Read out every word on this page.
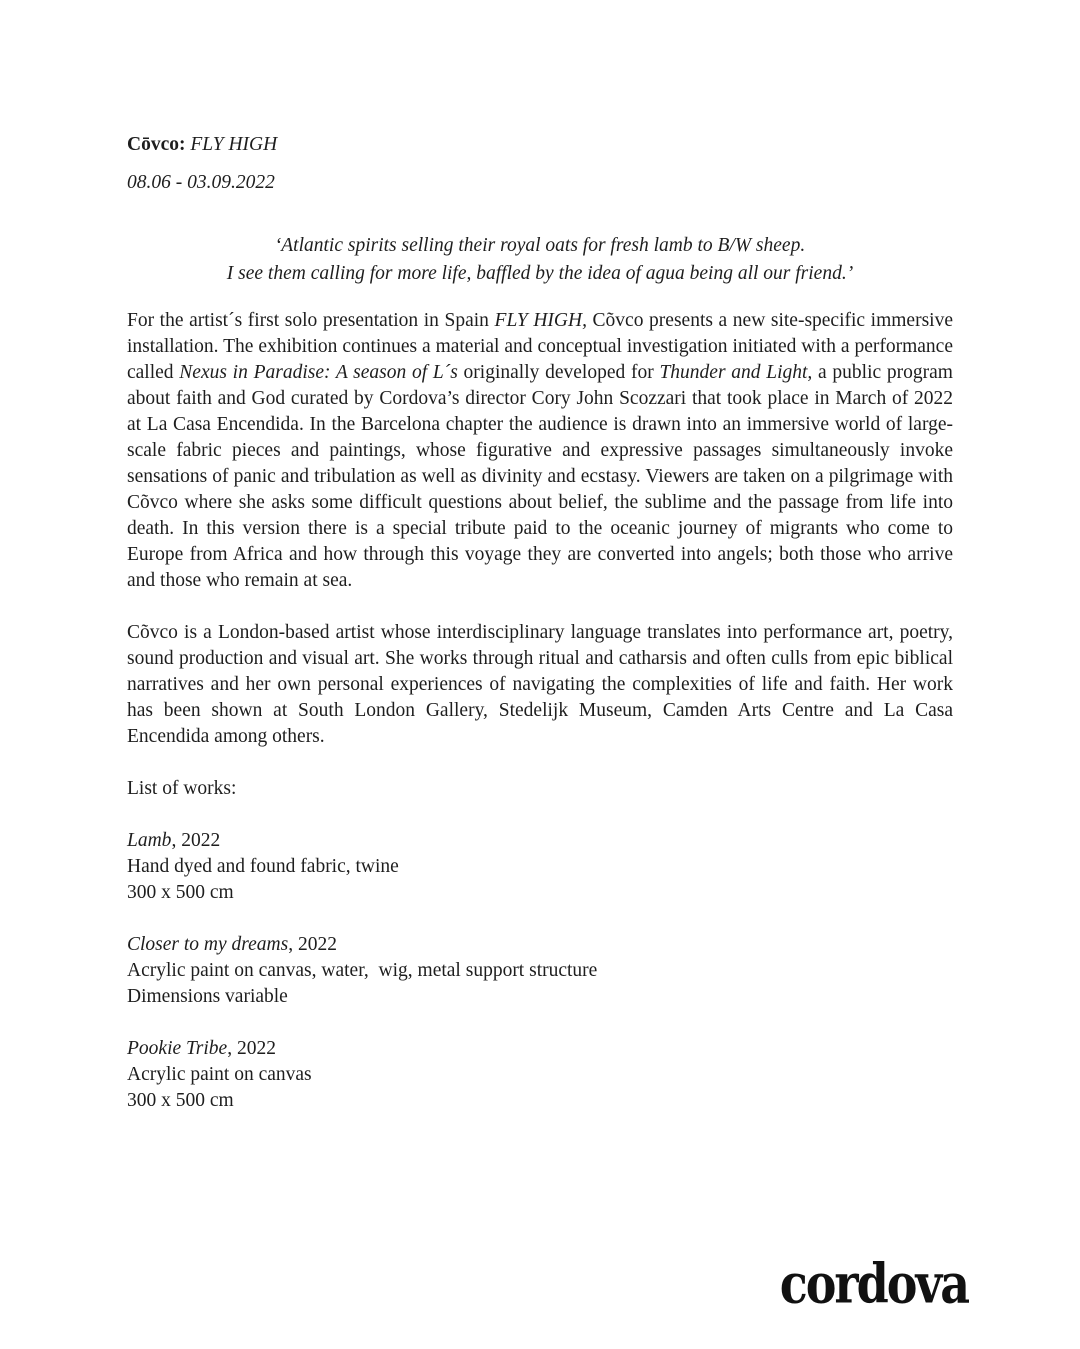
Cōvco: FLY HIGH
08.06 - 03.09.2022
‘Atlantic spirits selling their royal oats for fresh lamb to B/W sheep.
I see them calling for more life, baffled by the idea of agua being all our friend.’
For the artist´s first solo presentation in Spain FLY HIGH, Cõvco presents a new site-specific immersive installation. The exhibition continues a material and conceptual investigation initiated with a performance called Nexus in Paradise: A season of L´s originally developed for Thunder and Light, a public program about faith and God curated by Cordova’s director Cory John Scozzari that took place in March of 2022 at La Casa Encendida. In the Barcelona chapter the audience is drawn into an immersive world of large-scale fabric pieces and paintings, whose figurative and expressive passages simultaneously invoke sensations of panic and tribulation as well as divinity and ecstasy. Viewers are taken on a pilgrimage with Cõvco where she asks some difficult questions about belief, the sublime and the passage from life into death. In this version there is a special tribute paid to the oceanic journey of migrants who come to Europe from Africa and how through this voyage they are converted into angels; both those who arrive and those who remain at sea.
Cõvco is a London-based artist whose interdisciplinary language translates into performance art, poetry, sound production and visual art. She works through ritual and catharsis and often culls from epic biblical narratives and her own personal experiences of navigating the complexities of life and faith. Her work has been shown at South London Gallery, Stedelijk Museum, Camden Arts Centre and La Casa Encendida among others.
List of works:
Lamb, 2022
Hand dyed and found fabric, twine
300 x 500 cm
Closer to my dreams, 2022
Acrylic paint on canvas, water,  wig, metal support structure
Dimensions variable
Pookie Tribe, 2022
Acrylic paint on canvas
300 x 500 cm
cordova
